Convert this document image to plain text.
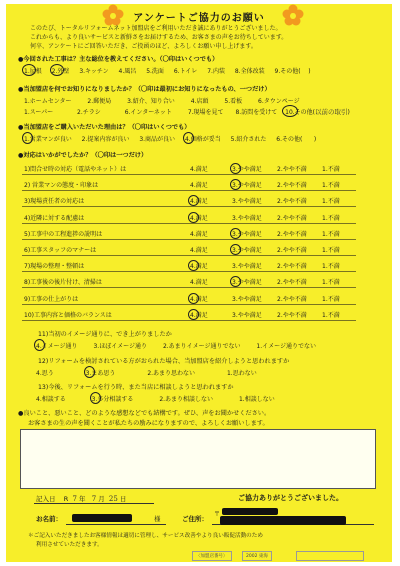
アンケートご協力のお願い
このたび、トータルリフォームネット加盟店をご利用いただき誠にありがとうございました。
これからも、より良いサービスと新鮮さをお届けするため、お客さまの声をお待ちしています。
何卒、アンケートにご回答いただき、ご投函のほど、よろしくお願い申し上げます。
●今回された工事は？主な総位を教えてください。（〇印はいくつでも）
1.屋根 2.外壁 3.キッチン 4.風呂 5.洗面 6.トイレ 7.内装 8.全体改装 9.その他( )
●当加盟店を何でお知りになりましたか？（〇印は最初にお知りになったもの、一つだけ）
1.ホームセンター	2.郵便局	3.紹介、知り合い	4.店頭	5.看板	6.タウンページ
1.スーパー	2.チラシ	6.インターネット	7.現場を見て 8.訪問を受けて 10.その他(
以前の取引)
●当加盟店をご購入いただいた理由は？（〇印はいくつでも）
1.営業マンが良い 2.提案内容が良い 3.商品が良い 4.価格が妥当 5.紹介された 6.その他( )
●対応はいかがでしたか？（〇印は一つだけ）
1)問合せ時の対応（電話やネット）は	4.満足	3.やや満足	2.やや不満	1.不満
2) 営業マンの態度・印象は	4.満足	3.やや満足	2.やや不満	1.不満
3)現場責任者の対応は	4.満足	3.やや満足	2.やや不満	1.不満
4)近隣に対する配慮は	4.満足	3.やや満足	2.やや不満	1.不満
5)工事中の工程進捗の説明は	4.満足	3.やや満足	2.やや不満	1.不満
6)工事スタッフのマナーは	4.満足	3.やや満足	2.やや不満	1.不満
7)現場の整理・整頓は	4.満足	3.やや満足	2.やや不満	1.不満
8)工事後の後片付け、清掃は	4.満足	3.やや満足	2.やや不満	1.不満
9)工事の仕上がりは	4.満足	3.やや満足	2.やや不満	1.不満
10)工事内容と価格のバランスは	4.満足	3.やや満足	2.やや不満	1.不満
11)当初のイメージ通りに、でき上がりましたか
4.イメージ通り	3.ほぼイメージ通り	2.あまりイメージ通りでない	1.イメージ通りでない
12)リフォームを検討されている方がおられた場合、当加盟店を紹介しようと思われますか
4.思う	3.まあ思う	2.あまり思わない	1.思わない
13)今後、リフォームを行う時、また当店に相談しようと思われますか
4.相談する	3.多分相談する	2.あまり相談しない	1.相談しない
●良いこと、悪いこと、どのような感想などでも結構です。ぜひ、声をお聞かせください。
お客さまの生の声を聞くことが私たちの励みになりますので、よろしくお願いします。
記入日 R 7 年 7 月 25 日	ご協力ありがとうございました。
お名前：	様	ご住所：
〒
＊ご記入いただきましたお客様情報は適切に管理し、サービス改善やより良い販促活動のため
利用させていただきます。
〈加盟店番号〉	2002 東海
